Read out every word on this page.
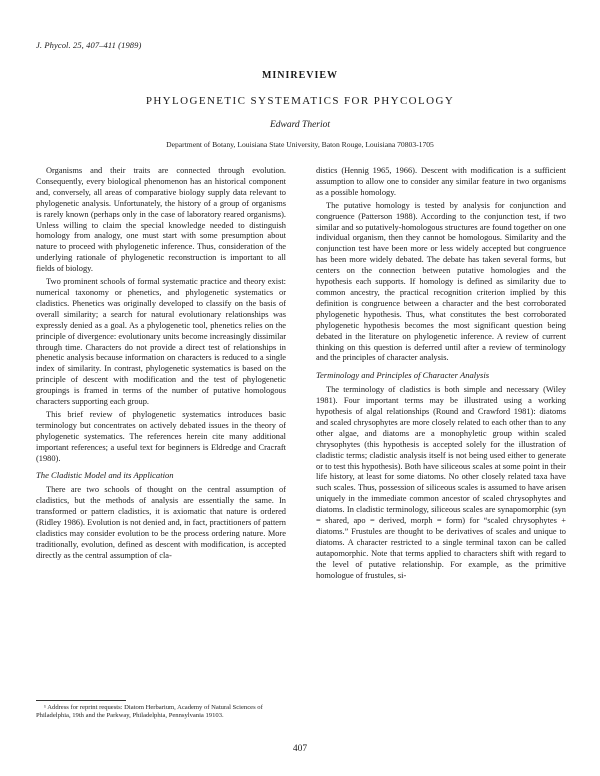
J. Phycol. 25, 407–411 (1989)
MINIREVIEW
PHYLOGENETIC SYSTEMATICS FOR PHYCOLOGY
Edward Theriot
Department of Botany, Louisiana State University, Baton Rouge, Louisiana 70803-1705

Organisms and their traits are connected through evolution. Consequently, every biological phenomenon has an historical component and, conversely, all areas of comparative biology supply data relevant to phylogenetic analysis. Unfortunately, the history of a group of organisms is rarely known (perhaps only in the case of laboratory reared organisms). Unless willing to claim the special knowledge needed to distinguish homology from analogy, one must start with some presumption about nature to proceed with phylogenetic inference. Thus, consideration of the underlying rationale of phylogenetic reconstruction is important to all fields of biology.

Two prominent schools of formal systematic practice and theory exist: numerical taxonomy or phenetics, and phylogenetic systematics or cladistics. Phenetics was originally developed to classify on the basis of overall similarity; a search for natural evolutionary relationships was expressly denied as a goal. As a phylogenetic tool, phenetics relies on the principle of divergence: evolutionary units become increasingly dissimilar through time. Characters do not provide a direct test of relationships in phenetic analysis because information on characters is reduced to a single index of similarity. In contrast, phylogenetic systematics is based on the principle of descent with modification and the test of phylogenetic groupings is framed in terms of the number of putative homologous characters supporting each group.

This brief review of phylogenetic systematics introduces basic terminology but concentrates on actively debated issues in the theory of phylogenetic systematics. The references herein cite many additional important references; a useful text for beginners is Eldredge and Cracraft (1980).

The Cladistic Model and its Application

There are two schools of thought on the central assumption of cladistics, but the methods of analysis are essentially the same. In transformed or pattern cladistics, it is axiomatic that nature is ordered (Ridley 1986). Evolution is not denied and, in fact, practitioners of pattern cladistics may consider evolution to be the process ordering nature. More traditionally, evolution, defined as descent with modification, is accepted directly as the central assumption of cla-

distics (Hennig 1965, 1966). Descent with modification is a sufficient assumption to allow one to consider any similar feature in two organisms as a possible homology.

The putative homology is tested by analysis for conjunction and congruence (Patterson 1988). According to the conjunction test, if two similar and so putatively-homologous structures are found together on one individual organism, then they cannot be homologous. Similarity and the conjunction test have been more or less widely accepted but congruence has been more widely debated. The debate has taken several forms, but centers on the connection between putative homologies and the hypothesis each supports. If homology is defined as similarity due to common ancestry, the practical recognition criterion implied by this definition is congruence between a character and the best corroborated phylogenetic hypothesis. Thus, what constitutes the best corroborated phylogenetic hypothesis becomes the most significant question being debated in the literature on phylogenetic inference. A review of current thinking on this question is deferred until after a review of terminology and the principles of character analysis.

Terminology and Principles of Character Analysis

The terminology of cladistics is both simple and necessary (Wiley 1981). Four important terms may be illustrated using a working hypothesis of algal relationships (Round and Crawford 1981): diatoms and scaled chrysophytes are more closely related to each other than to any other algae, and diatoms are a monophyletic group within scaled chrysophytes (this hypothesis is accepted solely for the illustration of cladistic terms; cladistic analysis itself is not being used either to generate or to test this hypothesis). Both have siliceous scales at some point in their life history, at least for some diatoms. No other closely related taxa have such scales. Thus, possession of siliceous scales is assumed to have arisen uniquely in the immediate common ancestor of scaled chrysophytes and diatoms. In cladistic terminology, siliceous scales are synapomorphic (syn = shared, apo = derived, morph = form) for “scaled chrysophytes + diatoms.” Frustules are thought to be derivatives of scales and unique to diatoms. A character restricted to a single terminal taxon can be called autapomorphic. Note that terms applied to characters shift with regard to the level of putative relationship. For example, as the primitive homologue of frustules, si-

¹ Address for reprint requests: Diatom Herbarium, Academy of Natural Sciences of Philadelphia, 19th and the Parkway, Philadelphia, Pennsylvania 19103.
407
